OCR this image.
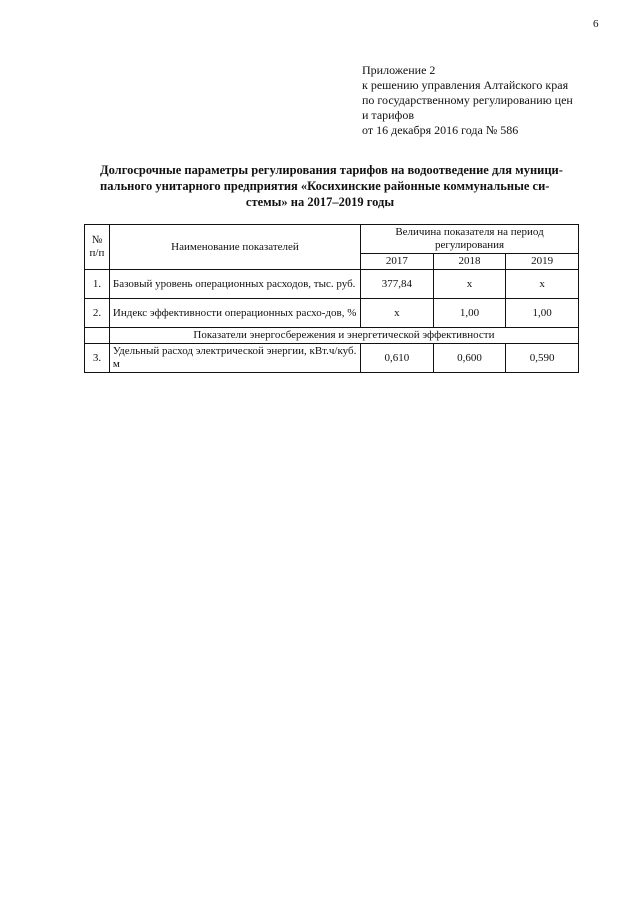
6
Приложение 2
к решению управления Алтайского края
по государственному регулированию цен
и тарифов
от 16 декабря 2016 года № 586
Долгосрочные параметры регулирования тарифов на водоотведение для муници-
пального унитарного предприятия «Косихинские районные коммунальные си-
стемы» на 2017–2019 годы
№ п/п	Наименование показателей	Величина показателя на период регулирования		
		2017	2018	2019
1.	Базовый уровень операционных расходов, тыс. руб.	377,84	x	x
2.	Индекс эффективности операционных расхо-дов, %	x	1,00	1,00
	Показатели энергосбережения и энергетической эффективности			
3.	Удельный расход электрической энергии, кВт.ч/куб. м	0,610	0,600	0,590
